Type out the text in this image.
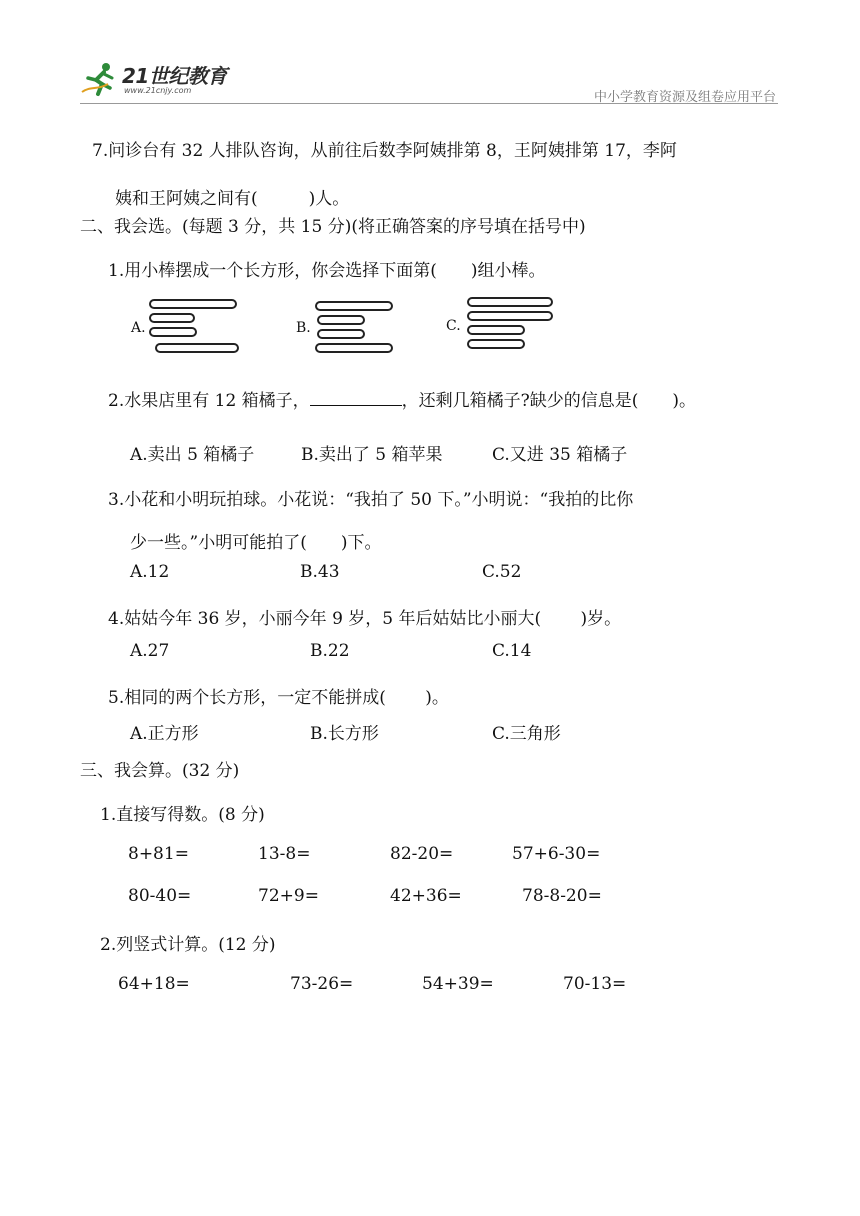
21世纪教育
www.21cnjy.com	中小学教育资源及组卷应用平台
7.问诊台有 32 人排队咨询，从前往后数李阿姨排第 8，王阿姨排第 17，李阿
姨和王阿姨之间有(　　　)人。
二、我会选。(每题 3 分，共 15 分)(将正确答案的序号填在括号中)
1.用小棒摆成一个长方形，你会选择下面第(　　)组小棒。
A.	B.	C.
2.水果店里有 12 箱橘子，	，还剩几箱橘子?缺少的信息是(　　)。
A.卖出 5 箱橘子	B.卖出了 5 箱苹果	C.又进 35 箱橘子
3.小花和小明玩拍球。小花说：“我拍了 50 下。”小明说：“我拍的比你
少一些。”小明可能拍了(　　)下。
A.12	B.43	C.52
4.姑姑今年 36 岁，小丽今年 9 岁，5 年后姑姑比小丽大(　　 )岁。
A.27	B.22	C.14
5.相同的两个长方形，一定不能拼成(　　 )。
A.正方形	B.长方形	C.三角形
三、我会算。(32 分)
1.直接写得数。(8 分)
8+81=	13-8=	82-20=	57+6-30=
80-40=	72+9=	42+36=	78-8-20=
2.列竖式计算。(12 分)
64+18=	73-26=	54+39=	70-13=
